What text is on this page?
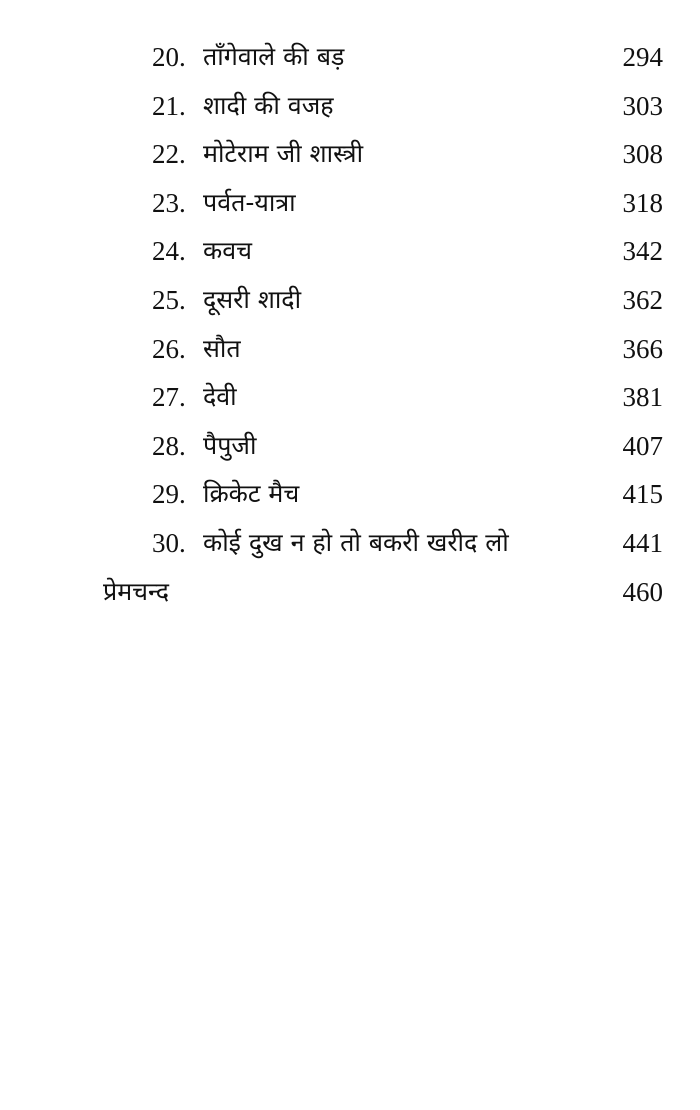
20. ताँगेवाले की बड़	294
21. शादी की वजह	303
22. मोटेराम जी शास्त्री	308
23. पर्वत-यात्रा	318
24. कवच	342
25. दूसरी शादी	362
26. सौत	366
27. देवी	381
28. पैपुजी	407
29. क्रिकेट मैच	415
30. कोई दुख न हो तो बकरी खरीद लो	441
प्रेमचन्द	460
